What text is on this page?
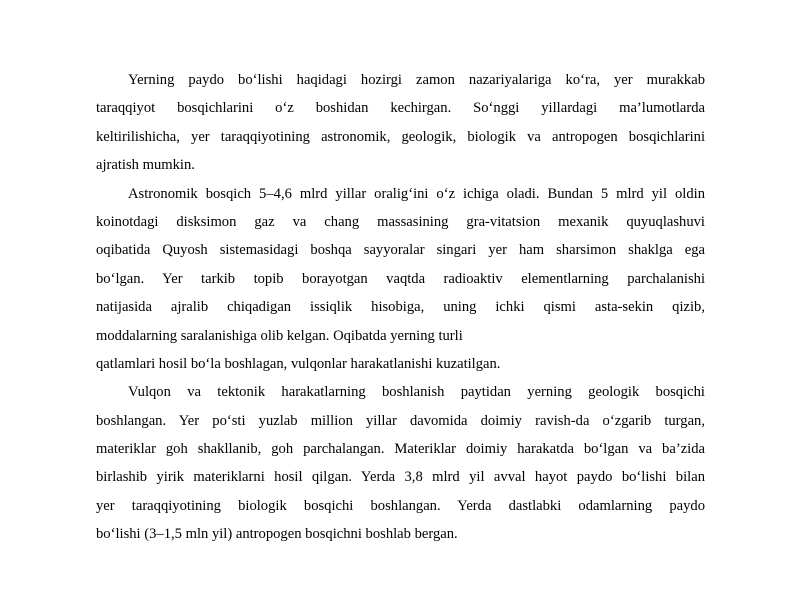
Yerning paydo bo‘lishi haqidagi hozirgi zamon nazariyalariga ko‘ra, yer murakkab
taraqqiyot bosqichlarini o‘z boshidan kechirgan. So‘nggi yillardagi ma’lumotlarda
keltirilishicha, yer taraqqiyotining astronomik, geologik, biologik va antropogen bosqichlarini
ajratish mumkin.
Astronomik bosqich 5–4,6 mlrd yillar oralig‘ini o‘z ichiga oladi. Bundan 5 mlrd yil oldin
koinotdagi disksimon gaz va chang massasining gra-vitatsion mexanik quyuqlashuvi
oqibatida Quyosh sistemasidagi boshqa sayyoralar singari yer ham sharsimon shaklga ega
bo‘lgan. Yer tarkib topib borayotgan vaqtda radioaktiv elementlarning parchalanishi
natijasida ajralib chiqadigan issiqlik hisobiga, uning ichki qismi asta-sekin qizib,
moddalarning saralanishiga olib kelgan. Oqibatda yerning turli
qatlamlari hosil bo‘la boshlagan, vulqonlar harakatlanishi kuzatilgan.
Vulqon va tektonik harakatlarning boshlanish paytidan yerning geologik bosqichi
boshlangan. Yer po‘sti yuzlab million yillar davomida doimiy ravish-da o‘zgarib turgan,
materiklar goh shakllanib, goh parchalangan. Materiklar doimiy harakatda bo‘lgan va ba’zida
birlashib yirik materiklarni hosil qilgan. Yerda 3,8 mlrd yil avval hayot paydo bo‘lishi bilan
yer taraqqiyotining biologik bosqichi boshlangan. Yerda dastlabki odamlarning paydo
bo‘lishi (3–1,5 mln yil) antropogen bosqichni boshlab bergan.
